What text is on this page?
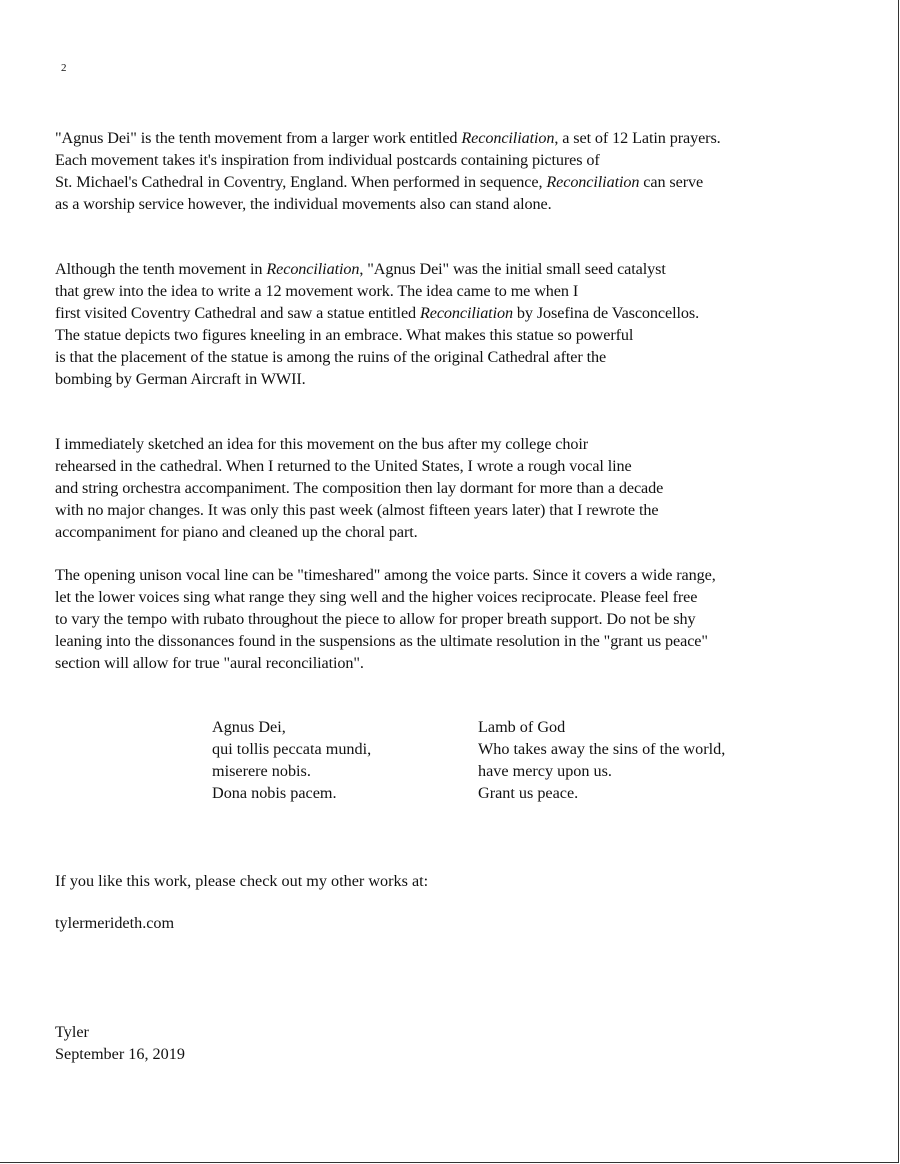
2
"Agnus Dei" is the tenth movement from a larger work entitled Reconciliation, a set of 12 Latin prayers.
Each movement takes it's inspiration from individual postcards containing pictures of
St. Michael's Cathedral in Coventry, England. When performed in sequence, Reconciliation can serve
as a worship service however, the individual movements also can stand alone.
Although the tenth movement in Reconciliation, "Agnus Dei" was the initial small seed catalyst
that grew into the idea to write a 12 movement work. The idea came to me when I
first visited Coventry Cathedral and saw a statue entitled Reconciliation by Josefina de Vasconcellos.
The statue depicts two figures kneeling in an embrace. What makes this statue so powerful
is that the placement of the statue is among the ruins of the original Cathedral after the
bombing by German Aircraft in WWII.
I immediately sketched an idea for this movement on the bus after my college choir
rehearsed in the cathedral. When I returned to the United States, I wrote a rough vocal line
and string orchestra accompaniment. The composition then lay dormant for more than a decade
with no major changes. It was only this past week (almost fifteen years later) that I rewrote the
accompaniment for piano and cleaned up the choral part.
The opening unison vocal line can be "timeshared" among the voice parts. Since it covers a wide range,
let the lower voices sing what range they sing well and the higher voices reciprocate. Please feel free
to vary the tempo with rubato throughout the piece to allow for proper breath support. Do not be shy
leaning into the dissonances found in the suspensions as the ultimate resolution in the "grant us peace"
section will allow for true "aural reconciliation".
Agnus Dei,
qui tollis peccata mundi,
miserere nobis.
Dona nobis pacem.
Lamb of God
Who takes away the sins of the world,
have mercy upon us.
Grant us peace.
If you like this work, please check out my other works at:
tylermerideth.com
Tyler
September 16, 2019
